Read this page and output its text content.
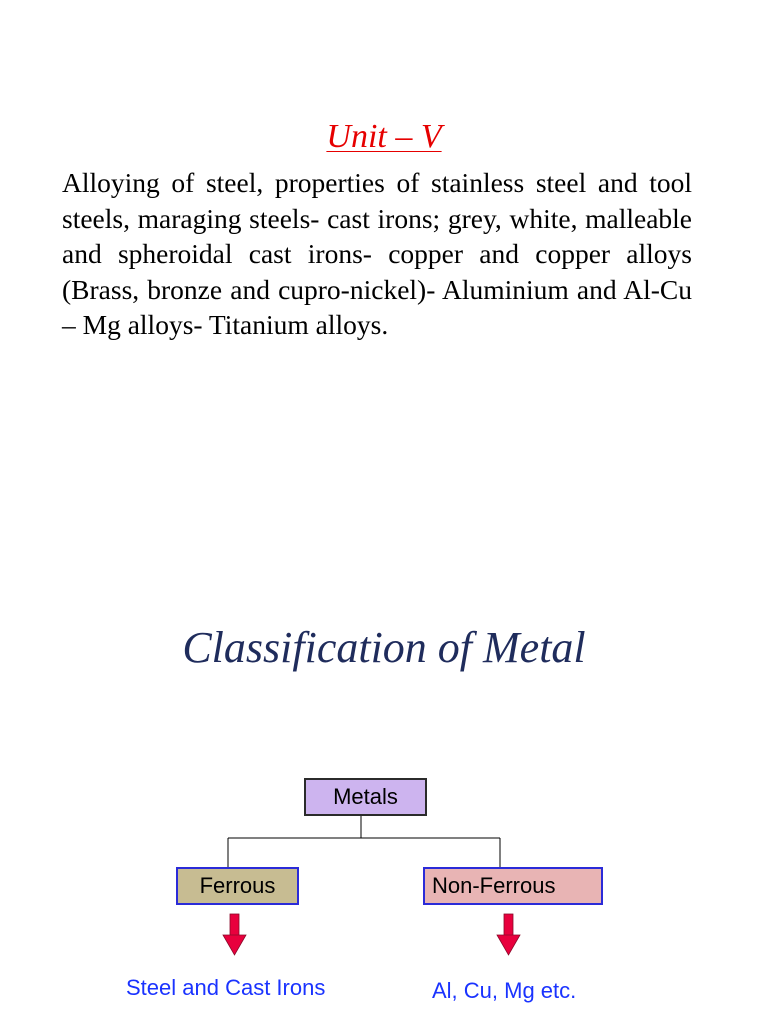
Unit – V

Alloying of steel, properties of stainless steel and tool steels, maraging steels- cast irons; grey, white, malleable and spheroidal cast irons- copper and copper alloys (Brass, bronze and cupro-nickel)- Aluminium and Al-Cu – Mg alloys- Titanium alloys.

Classification of Metal
Metals
Ferrous	Non-Ferrous
Steel and Cast Irons	Al, Cu, Mg etc.
